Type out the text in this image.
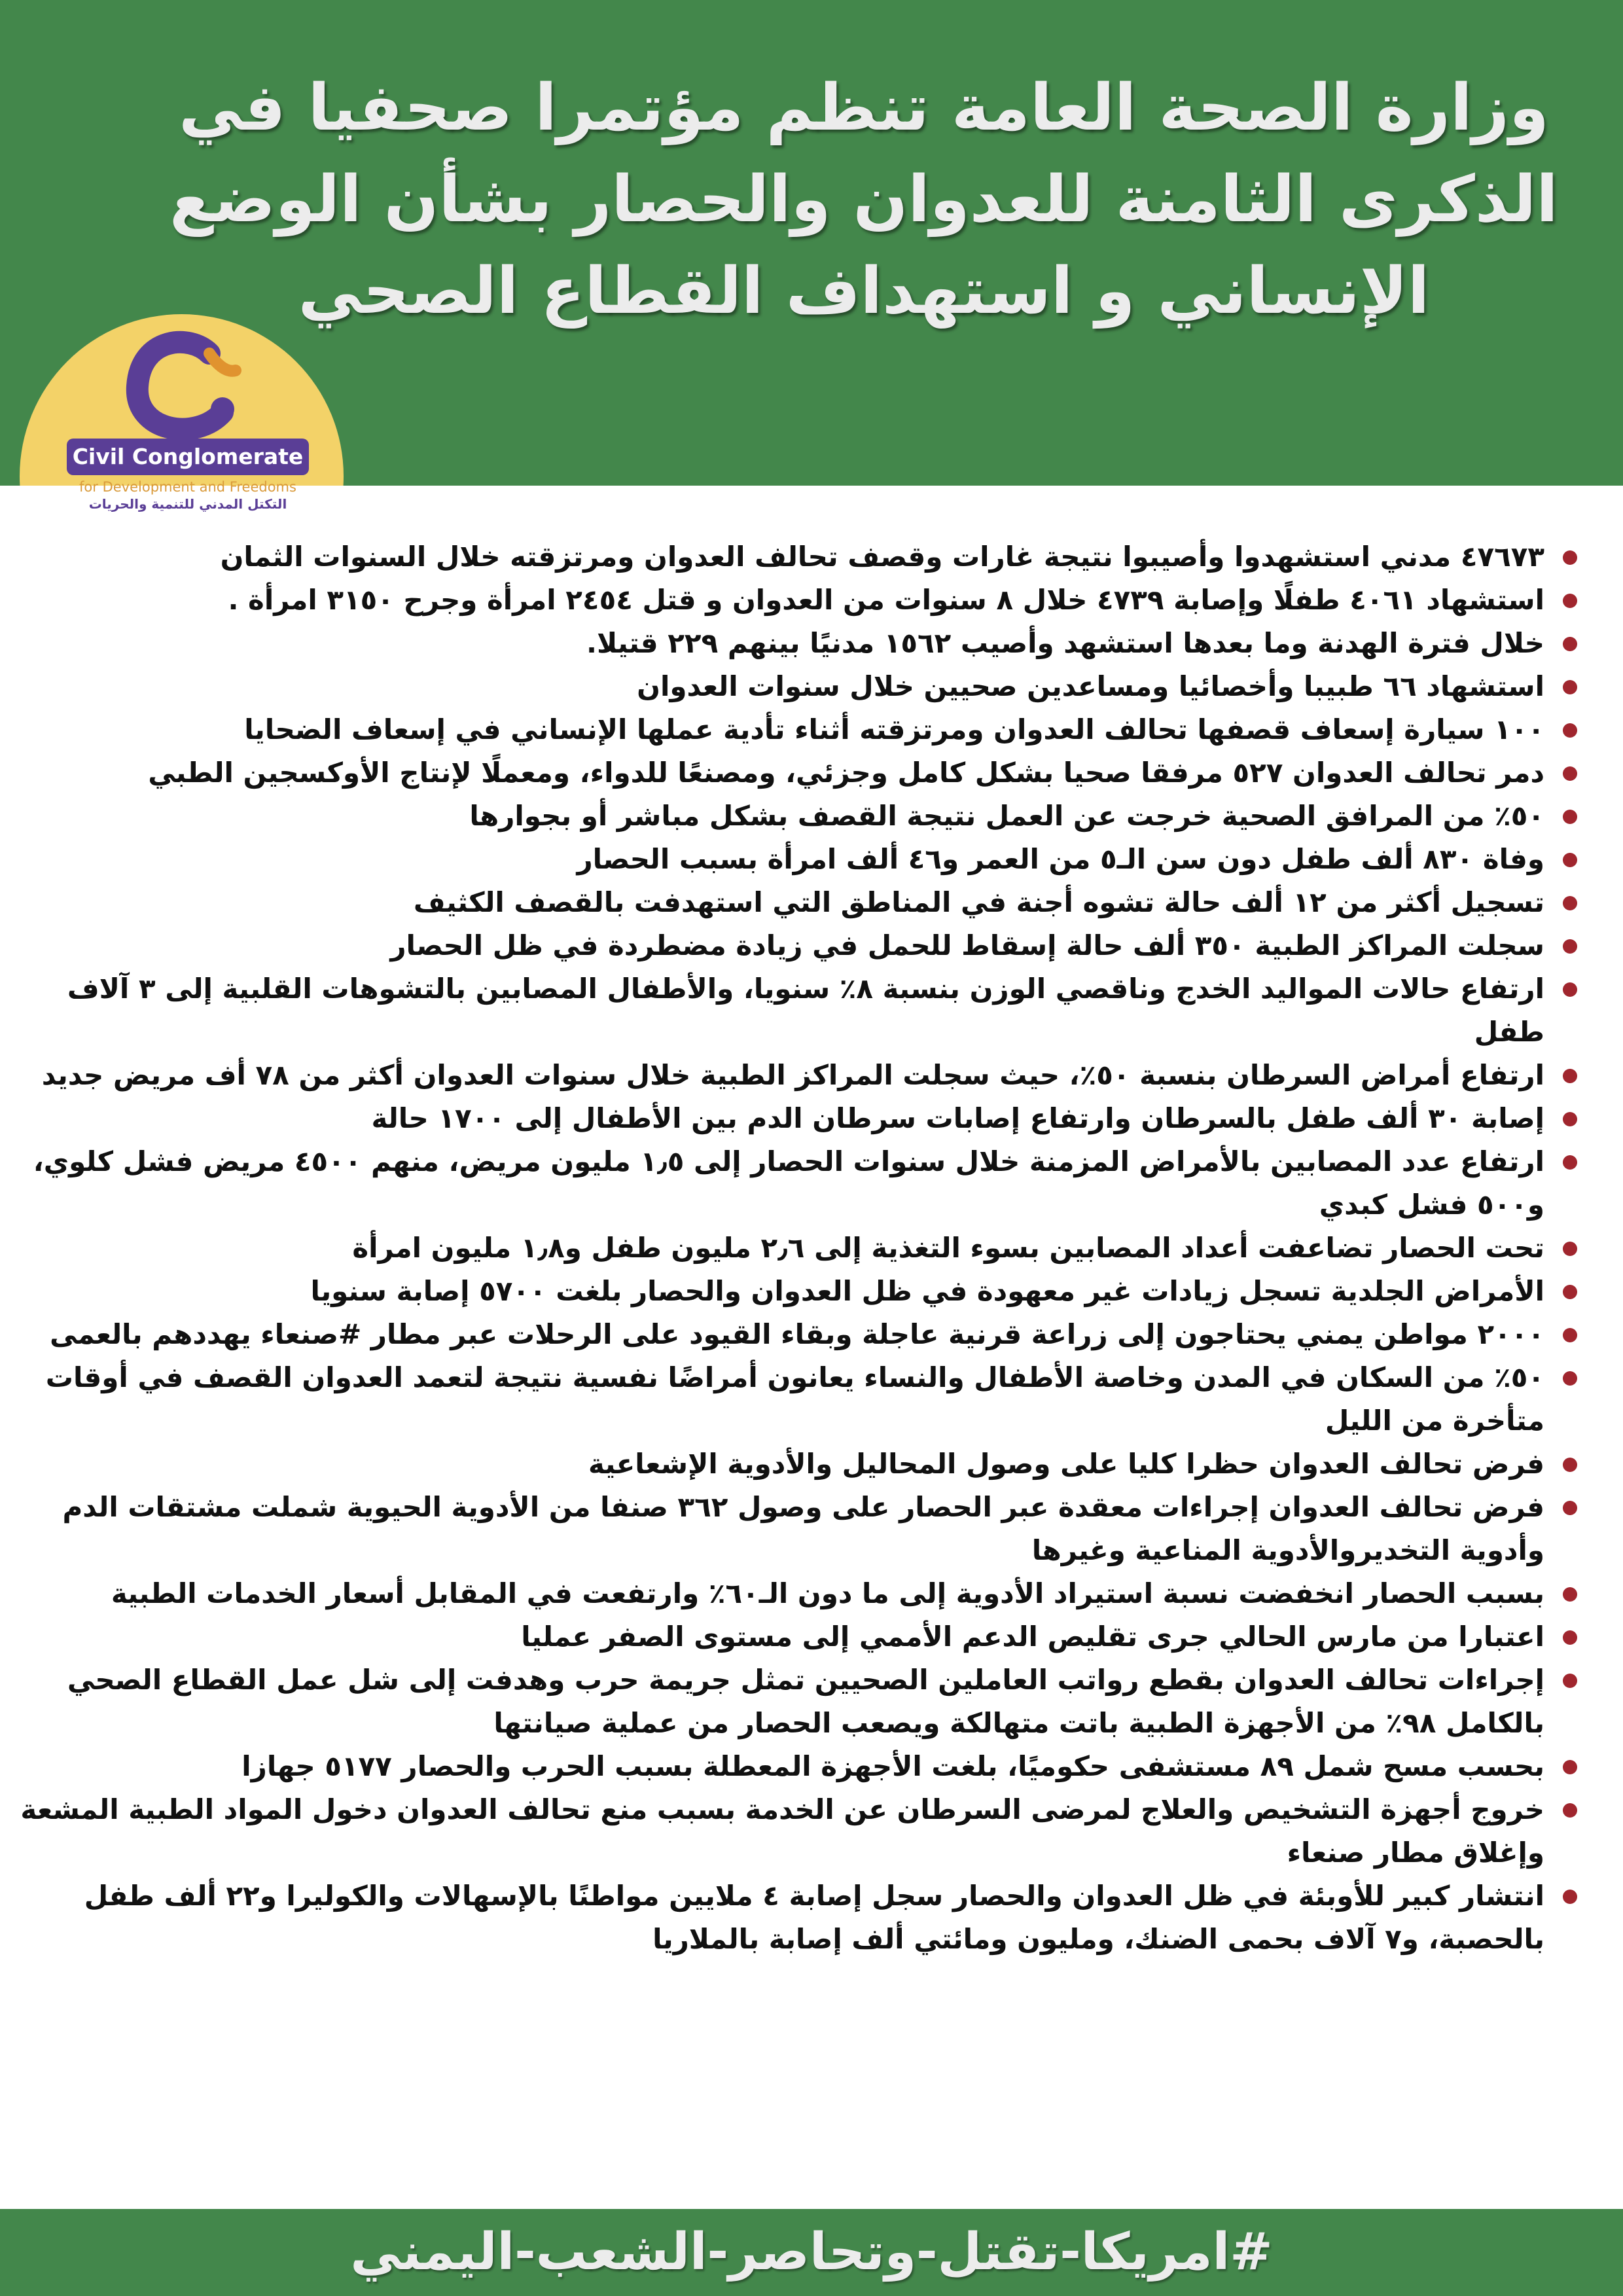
وزارة الصحة العامة تنظم مؤتمرا صحفيا في
الذكرى الثامنة للعدوان والحصار بشأن الوضع
الإنساني و استهداف القطاع الصحي
Civil Conglomerate
for Development and Freedoms
التكتل المدني للتنمية والحريات
٤٧٦٧٣ مدني استشهدوا وأصيبوا نتيجة غارات وقصف تحالف العدوان ومرتزقته خلال السنوات الثمان
استشهاد ٤٠٦١ طفلًا وإصابة ٤٧٣٩ خلال ٨ سنوات من العدوان و قتل ٢٤٥٤ امرأة وجرح ٣١٥٠ امرأة .
خلال فترة الهدنة وما بعدها استشهد وأصيب ١٥٦٢ مدنيًا بينهم ٢٢٩ قتيلا.
استشهاد ٦٦ طبيبا وأخصائيا ومساعدين صحيين خلال سنوات العدوان
١٠٠ سيارة إسعاف قصفها تحالف العدوان ومرتزقته أثناء تأدية عملها الإنساني في إسعاف الضحايا
دمر تحالف العدوان ٥٢٧ مرفقا صحيا بشكل كامل وجزئي، ومصنعًا للدواء، ومعملًا لإنتاج الأوكسجين الطبي
٥٠٪ من المرافق الصحية خرجت عن العمل نتيجة القصف بشكل مباشر أو بجوارها
وفاة ٨٣٠ ألف طفل دون سن الـ٥ من العمر و٤٦ ألف امرأة بسبب الحصار
تسجيل أكثر من ١٢ ألف حالة تشوه أجنة في المناطق التي استهدفت بالقصف الكثيف
سجلت المراكز الطبية ٣٥٠ ألف حالة إسقاط للحمل في زيادة مضطردة في ظل الحصار
ارتفاع حالات المواليد الخدج وناقصي الوزن بنسبة ٨٪ سنويا، والأطفال المصابين بالتشوهات القلبية إلى ٣ آلاف طفل
ارتفاع أمراض السرطان بنسبة ٥٠٪، حيث سجلت المراكز الطبية خلال سنوات العدوان أكثر من ٧٨ أف مريض جديد
إصابة ٣٠ ألف طفل بالسرطان وارتفاع إصابات سرطان الدم بين الأطفال إلى ١٧٠٠ حالة
ارتفاع عدد المصابين بالأمراض المزمنة خلال سنوات الحصار إلى ١٫٥ مليون مريض، منهم ٤٥٠٠ مريض فشل كلوي، و٥٠٠ فشل كبدي
تحت الحصار تضاعفت أعداد المصابين بسوء التغذية إلى ٢٫٦ مليون طفل و١٫٨ مليون امرأة
الأمراض الجلدية تسجل زيادات غير معهودة في ظل العدوان والحصار بلغت ٥٧٠٠ إصابة سنويا
٢٠٠٠ مواطن يمني يحتاجون إلى زراعة قرنية عاجلة وبقاء القيود على الرحلات عبر مطار #صنعاء يهددهم بالعمى
٥٠٪ من السكان في المدن وخاصة الأطفال والنساء يعانون أمراضًا نفسية نتيجة لتعمد العدوان القصف في أوقات متأخرة من الليل
فرض تحالف العدوان حظرا كليا على وصول المحاليل والأدوية الإشعاعية
فرض تحالف العدوان إجراءات معقدة عبر الحصار على وصول ٣٦٢ صنفا من الأدوية الحيوية شملت مشتقات الدم وأدوية التخديروالأدوية المناعية وغيرها
بسبب الحصار انخفضت نسبة استيراد الأدوية إلى ما دون الـ٦٠٪ وارتفعت في المقابل أسعار الخدمات الطبية
اعتبارا من مارس الحالي جرى تقليص الدعم الأممي إلى مستوى الصفر عمليا
إجراءات تحالف العدوان بقطع رواتب العاملين الصحيين تمثل جريمة حرب وهدفت إلى شل عمل القطاع الصحي بالكامل ٩٨٪ من الأجهزة الطبية باتت متهالكة ويصعب الحصار من عملية صيانتها
بحسب مسح شمل ٨٩ مستشفى حكوميًا، بلغت الأجهزة المعطلة بسبب الحرب والحصار ٥١٧٧ جهازا
خروج أجهزة التشخيص والعلاج لمرضى السرطان عن الخدمة بسبب منع تحالف العدوان دخول المواد الطبية المشعة وإغلاق مطار صنعاء
انتشار كبير للأوبئة في ظل العدوان والحصار سجل إصابة ٤ ملايين مواطنًا بالإسهالات والكوليرا و٢٢ ألف طفل بالحصبة، و٧ آلاف بحمى الضنك، ومليون ومائتي ألف إصابة بالملاريا
#امريكا-تقتل-وتحاصر-الشعب-اليمني
